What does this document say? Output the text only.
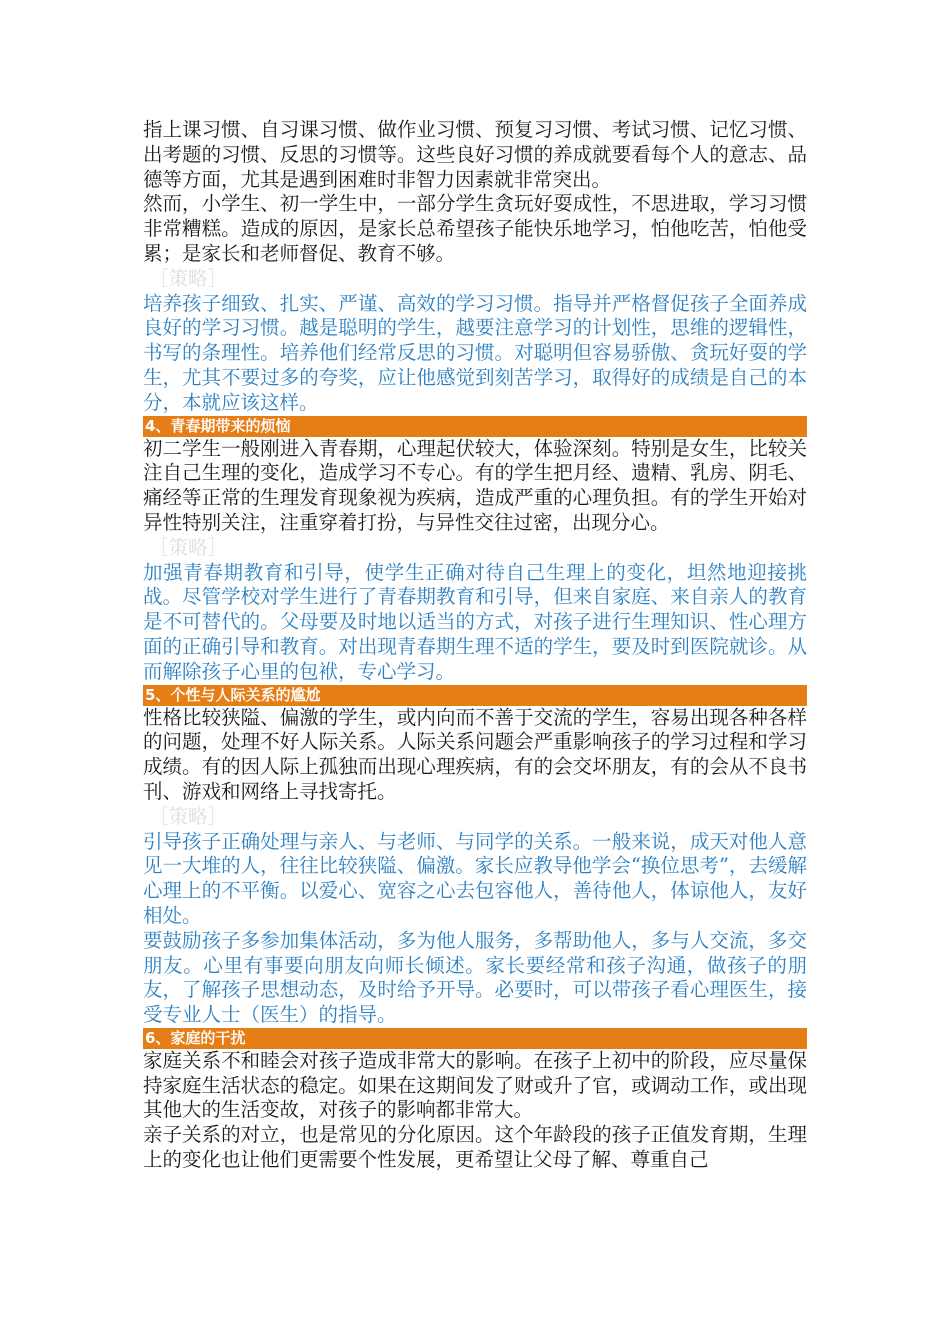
指上课习惯、自习课习惯、做作业习惯、预复习习惯、考试习惯、记忆习惯、出考题的习惯、反思的习惯等。这些良好习惯的养成就要看每个人的意志、品德等方面，尤其是遇到困难时非智力因素就非常突出。

然而，小学生、初一学生中，一部分学生贪玩好耍成性，不思进取，学习习惯非常糟糕。造成的原因，是家长总希望孩子能快乐地学习，怕他吃苦，怕他受累；是家长和老师督促、教育不够。

［策略］

培养孩子细致、扎实、严谨、高效的学习习惯。指导并严格督促孩子全面养成良好的学习习惯。越是聪明的学生，越要注意学习的计划性，思维的逻辑性，书写的条理性。培养他们经常反思的习惯。对聪明但容易骄傲、贪玩好耍的学生，尤其不要过多的夸奖，应让他感觉到刻苦学习，取得好的成绩是自己的本分，本就应该这样。

4、青春期带来的烦恼

初二学生一般刚进入青春期，心理起伏较大，体验深刻。特别是女生，比较关注自己生理的变化，造成学习不专心。有的学生把月经、遗精、乳房、阴毛、痛经等正常的生理发育现象视为疾病，造成严重的心理负担。有的学生开始对异性特别关注，注重穿着打扮，与异性交往过密，出现分心。

［策略］

加强青春期教育和引导，使学生正确对待自己生理上的变化，坦然地迎接挑战。尽管学校对学生进行了青春期教育和引导，但来自家庭、来自亲人的教育是不可替代的。父母要及时地以适当的方式，对孩子进行生理知识、性心理方面的正确引导和教育。对出现青春期生理不适的学生，要及时到医院就诊。从而解除孩子心里的包袱，专心学习。

5、个性与人际关系的尴尬

性格比较狭隘、偏激的学生，或内向而不善于交流的学生，容易出现各种各样的问题，处理不好人际关系。人际关系问题会严重影响孩子的学习过程和学习成绩。有的因人际上孤独而出现心理疾病，有的会交坏朋友，有的会从不良书刊、游戏和网络上寻找寄托。

［策略］

引导孩子正确处理与亲人、与老师、与同学的关系。一般来说，成天对他人意见一大堆的人，往往比较狭隘、偏激。家长应教导他学会“换位思考”，去缓解心理上的不平衡。以爱心、宽容之心去包容他人，善待他人，体谅他人，友好相处。

要鼓励孩子多参加集体活动，多为他人服务，多帮助他人，多与人交流，多交朋友。心里有事要向朋友向师长倾述。家长要经常和孩子沟通，做孩子的朋友，了解孩子思想动态，及时给予开导。必要时，可以带孩子看心理医生，接受专业人士（医生）的指导。

6、家庭的干扰

家庭关系不和睦会对孩子造成非常大的影响。在孩子上初中的阶段，应尽量保持家庭生活状态的稳定。如果在这期间发了财或升了官，或调动工作，或出现其他大的生活变故，对孩子的影响都非常大。

亲子关系的对立，也是常见的分化原因。这个年龄段的孩子正值发育期，生理上的变化也让他们更需要个性发展，更希望让父母了解、尊重自己
